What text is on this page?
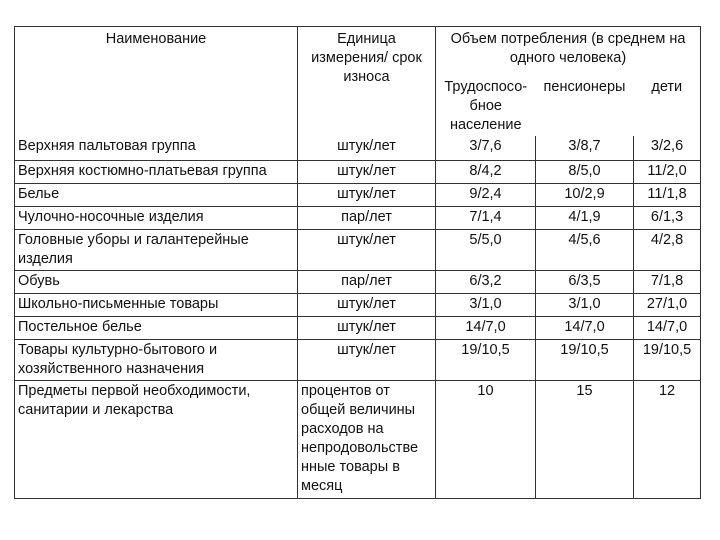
Наименование	Единица измерения/ срок износа	Объем потребления (в среднем на одного человека)		
		Трудоспосо-бное население	пенсионеры	дети
Верхняя пальтовая группа	штук/лет	3/7,6	3/8,7	3/2,6
Верхняя костюмно-платьевая группа	штук/лет	8/4,2	8/5,0	11/2,0
Белье	штук/лет	9/2,4	10/2,9	11/1,8
Чулочно-носочные изделия	пар/лет	7/1,4	4/1,9	6/1,3
Головные уборы и галантерейные изделия	штук/лет	5/5,0	4/5,6	4/2,8
Обувь	пар/лет	6/3,2	6/3,5	7/1,8
Школьно-письменные товары	штук/лет	3/1,0	3/1,0	27/1,0
Постельное белье	штук/лет	14/7,0	14/7,0	14/7,0
Товары культурно-бытового и хозяйственного назначения	штук/лет	19/10,5	19/10,5	19/10,5
Предметы первой необходимости, санитарии и лекарства	процентов от общей величины расходов на непродовольстве нные товары в месяц	10	15	12
